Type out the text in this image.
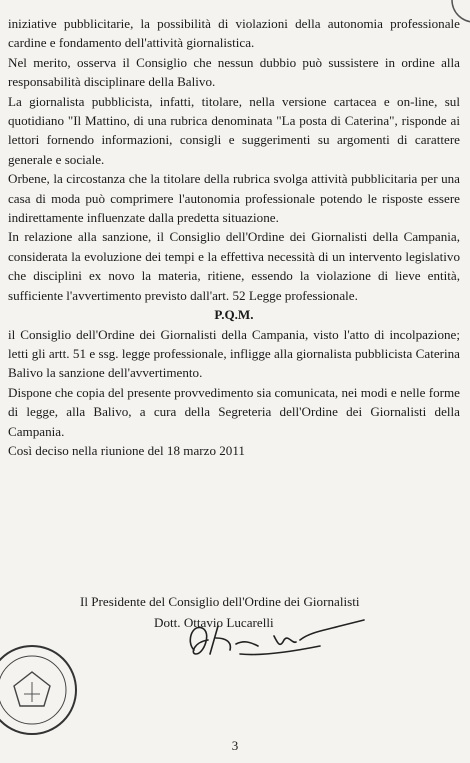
iniziative pubblicitarie, la possibilità di violazioni della autonomia professionale cardine e fondamento dell'attività giornalistica.

Nel merito, osserva il Consiglio che nessun dubbio può sussistere in ordine alla responsabilità disciplinare della Balivo.

La giornalista pubblicista, infatti, titolare, nella versione cartacea e on-line, sul quotidiano "Il Mattino, di una rubrica denominata "La posta di Caterina", risponde ai lettori fornendo informazioni, consigli e suggerimenti su argomenti di carattere generale e sociale.

Orbene, la circostanza che la titolare della rubrica svolga attività pubblicitaria per una casa di moda può comprimere l'autonomia professionale potendo le risposte essere indirettamente influenzate dalla predetta situazione.

In relazione alla sanzione, il Consiglio dell'Ordine dei Giornalisti della Campania, considerata la evoluzione dei tempi e la effettiva necessità di un intervento legislativo che disciplini ex novo la materia, ritiene, essendo la violazione di lieve entità, sufficiente l'avvertimento previsto dall'art. 52 Legge professionale.

P.Q.M.

il Consiglio dell'Ordine dei Giornalisti della Campania, visto l'atto di incolpazione; letti gli artt. 51 e ssg. legge professionale, infligge alla giornalista pubblicista Caterina Balivo la sanzione dell'avvertimento.

Dispone che copia del presente provvedimento sia comunicata, nei modi e nelle forme di legge, alla Balivo, a cura della Segreteria dell'Ordine dei Giornalisti della Campania.

Così deciso nella riunione del 18 marzo 2011

Il Presidente del Consiglio dell'Ordine dei Giornalisti
Dott. Ottavio Lucarelli
3
